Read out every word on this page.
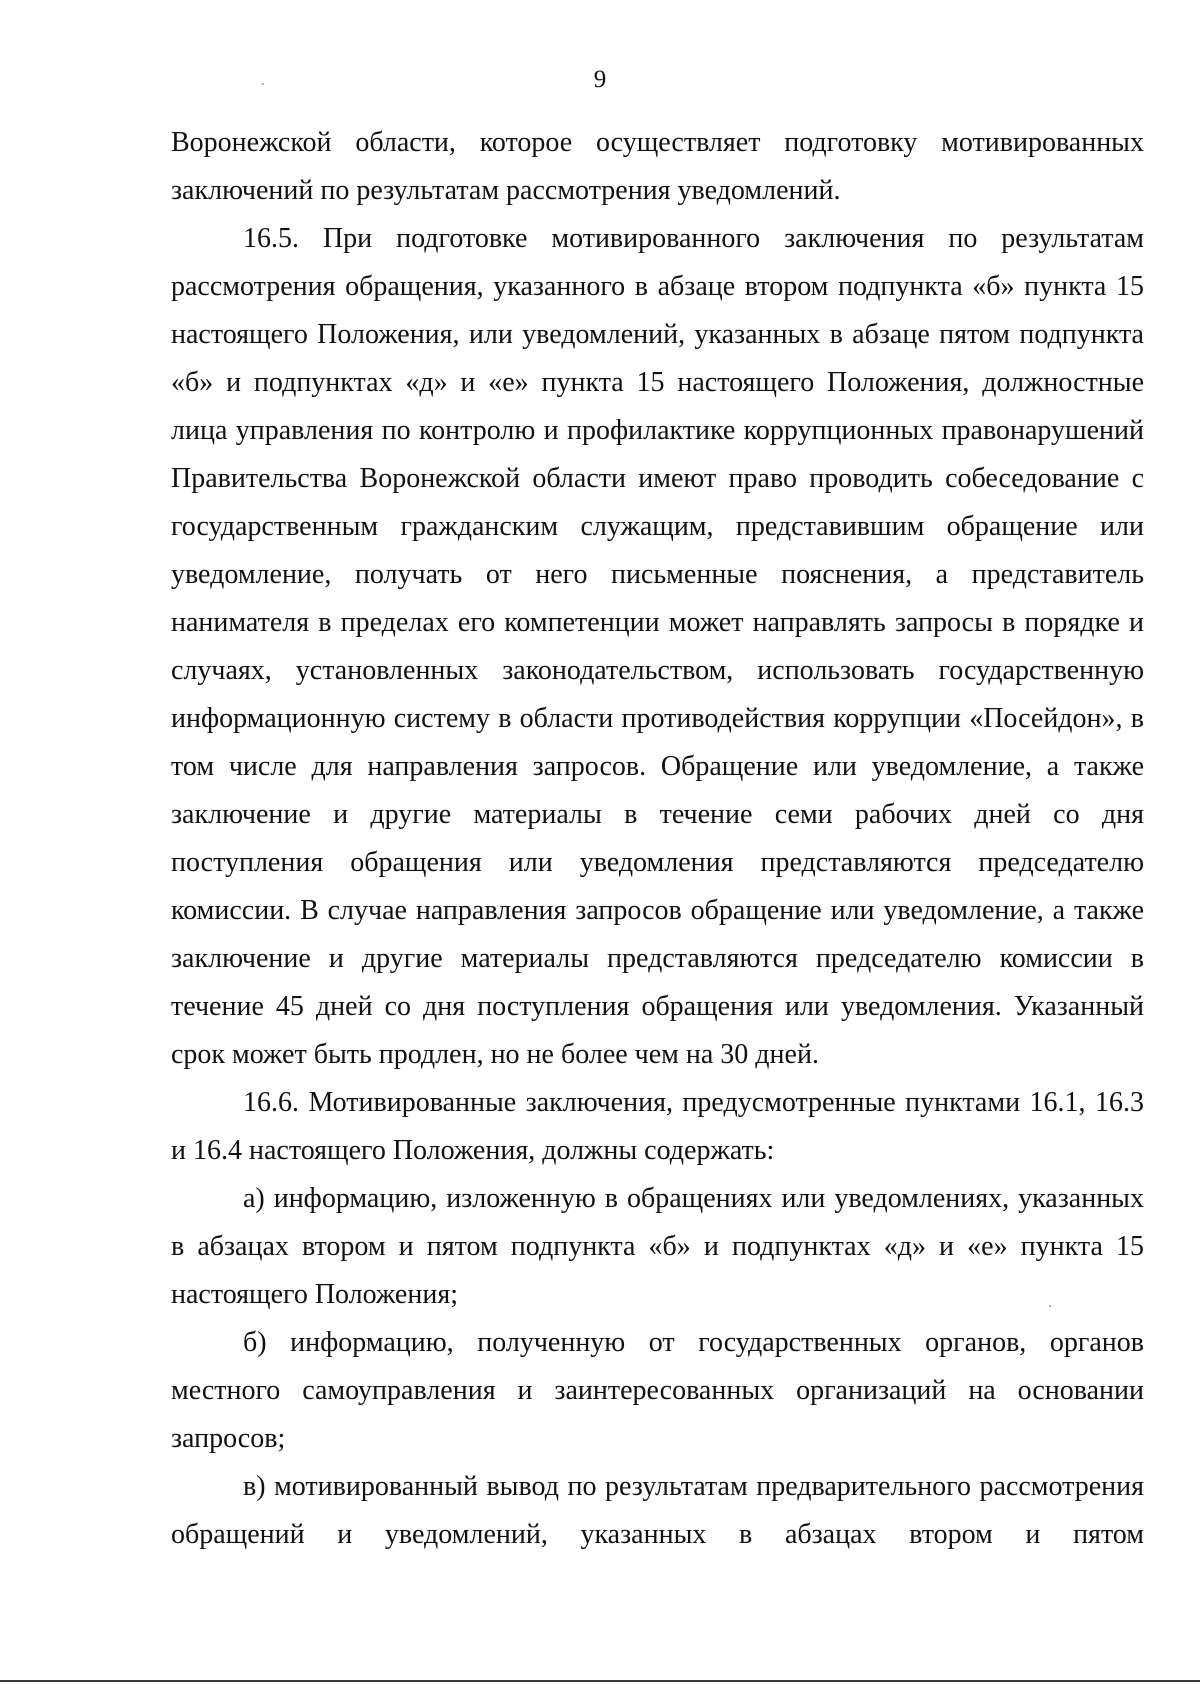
9

Воронежской области, которое осуществляет подготовку мотивированных заключений по результатам рассмотрения уведомлений.

16.5. При подготовке мотивированного заключения по результатам рассмотрения обращения, указанного в абзаце втором подпункта «б» пункта 15 настоящего Положения, или уведомлений, указанных в абзаце пятом подпункта «б» и подпунктах «д» и «е» пункта 15 настоящего Положения, должностные лица управления по контролю и профилактике коррупционных правонарушений Правительства Воронежской области имеют право проводить собеседование с государственным гражданским служащим, представившим обращение или уведомление, получать от него письменные пояснения, а представитель нанимателя в пределах его компетенции может направлять запросы в порядке и случаях, установленных законодательством, использовать государственную информационную систему в области противодействия коррупции «Посейдон», в том числе для направления запросов. Обращение или уведомление, а также заключение и другие материалы в течение семи рабочих дней со дня поступления обращения или уведомления представляются председателю комиссии. В случае направления запросов обращение или уведомление, а также заключение и другие материалы представляются председателю комиссии в течение 45 дней со дня поступления обращения или уведомления. Указанный срок может быть продлен, но не более чем на 30 дней.

16.6. Мотивированные заключения, предусмотренные пунктами 16.1, 16.3 и 16.4 настоящего Положения, должны содержать:

а) информацию, изложенную в обращениях или уведомлениях, указанных в абзацах втором и пятом подпункта «б» и подпунктах «д» и «е» пункта 15 настоящего Положения;

б) информацию, полученную от государственных органов, органов местного самоуправления и заинтересованных организаций на основании запросов;

в) мотивированный вывод по результатам предварительного рассмотрения обращений и уведомлений, указанных в абзацах втором и пятом
